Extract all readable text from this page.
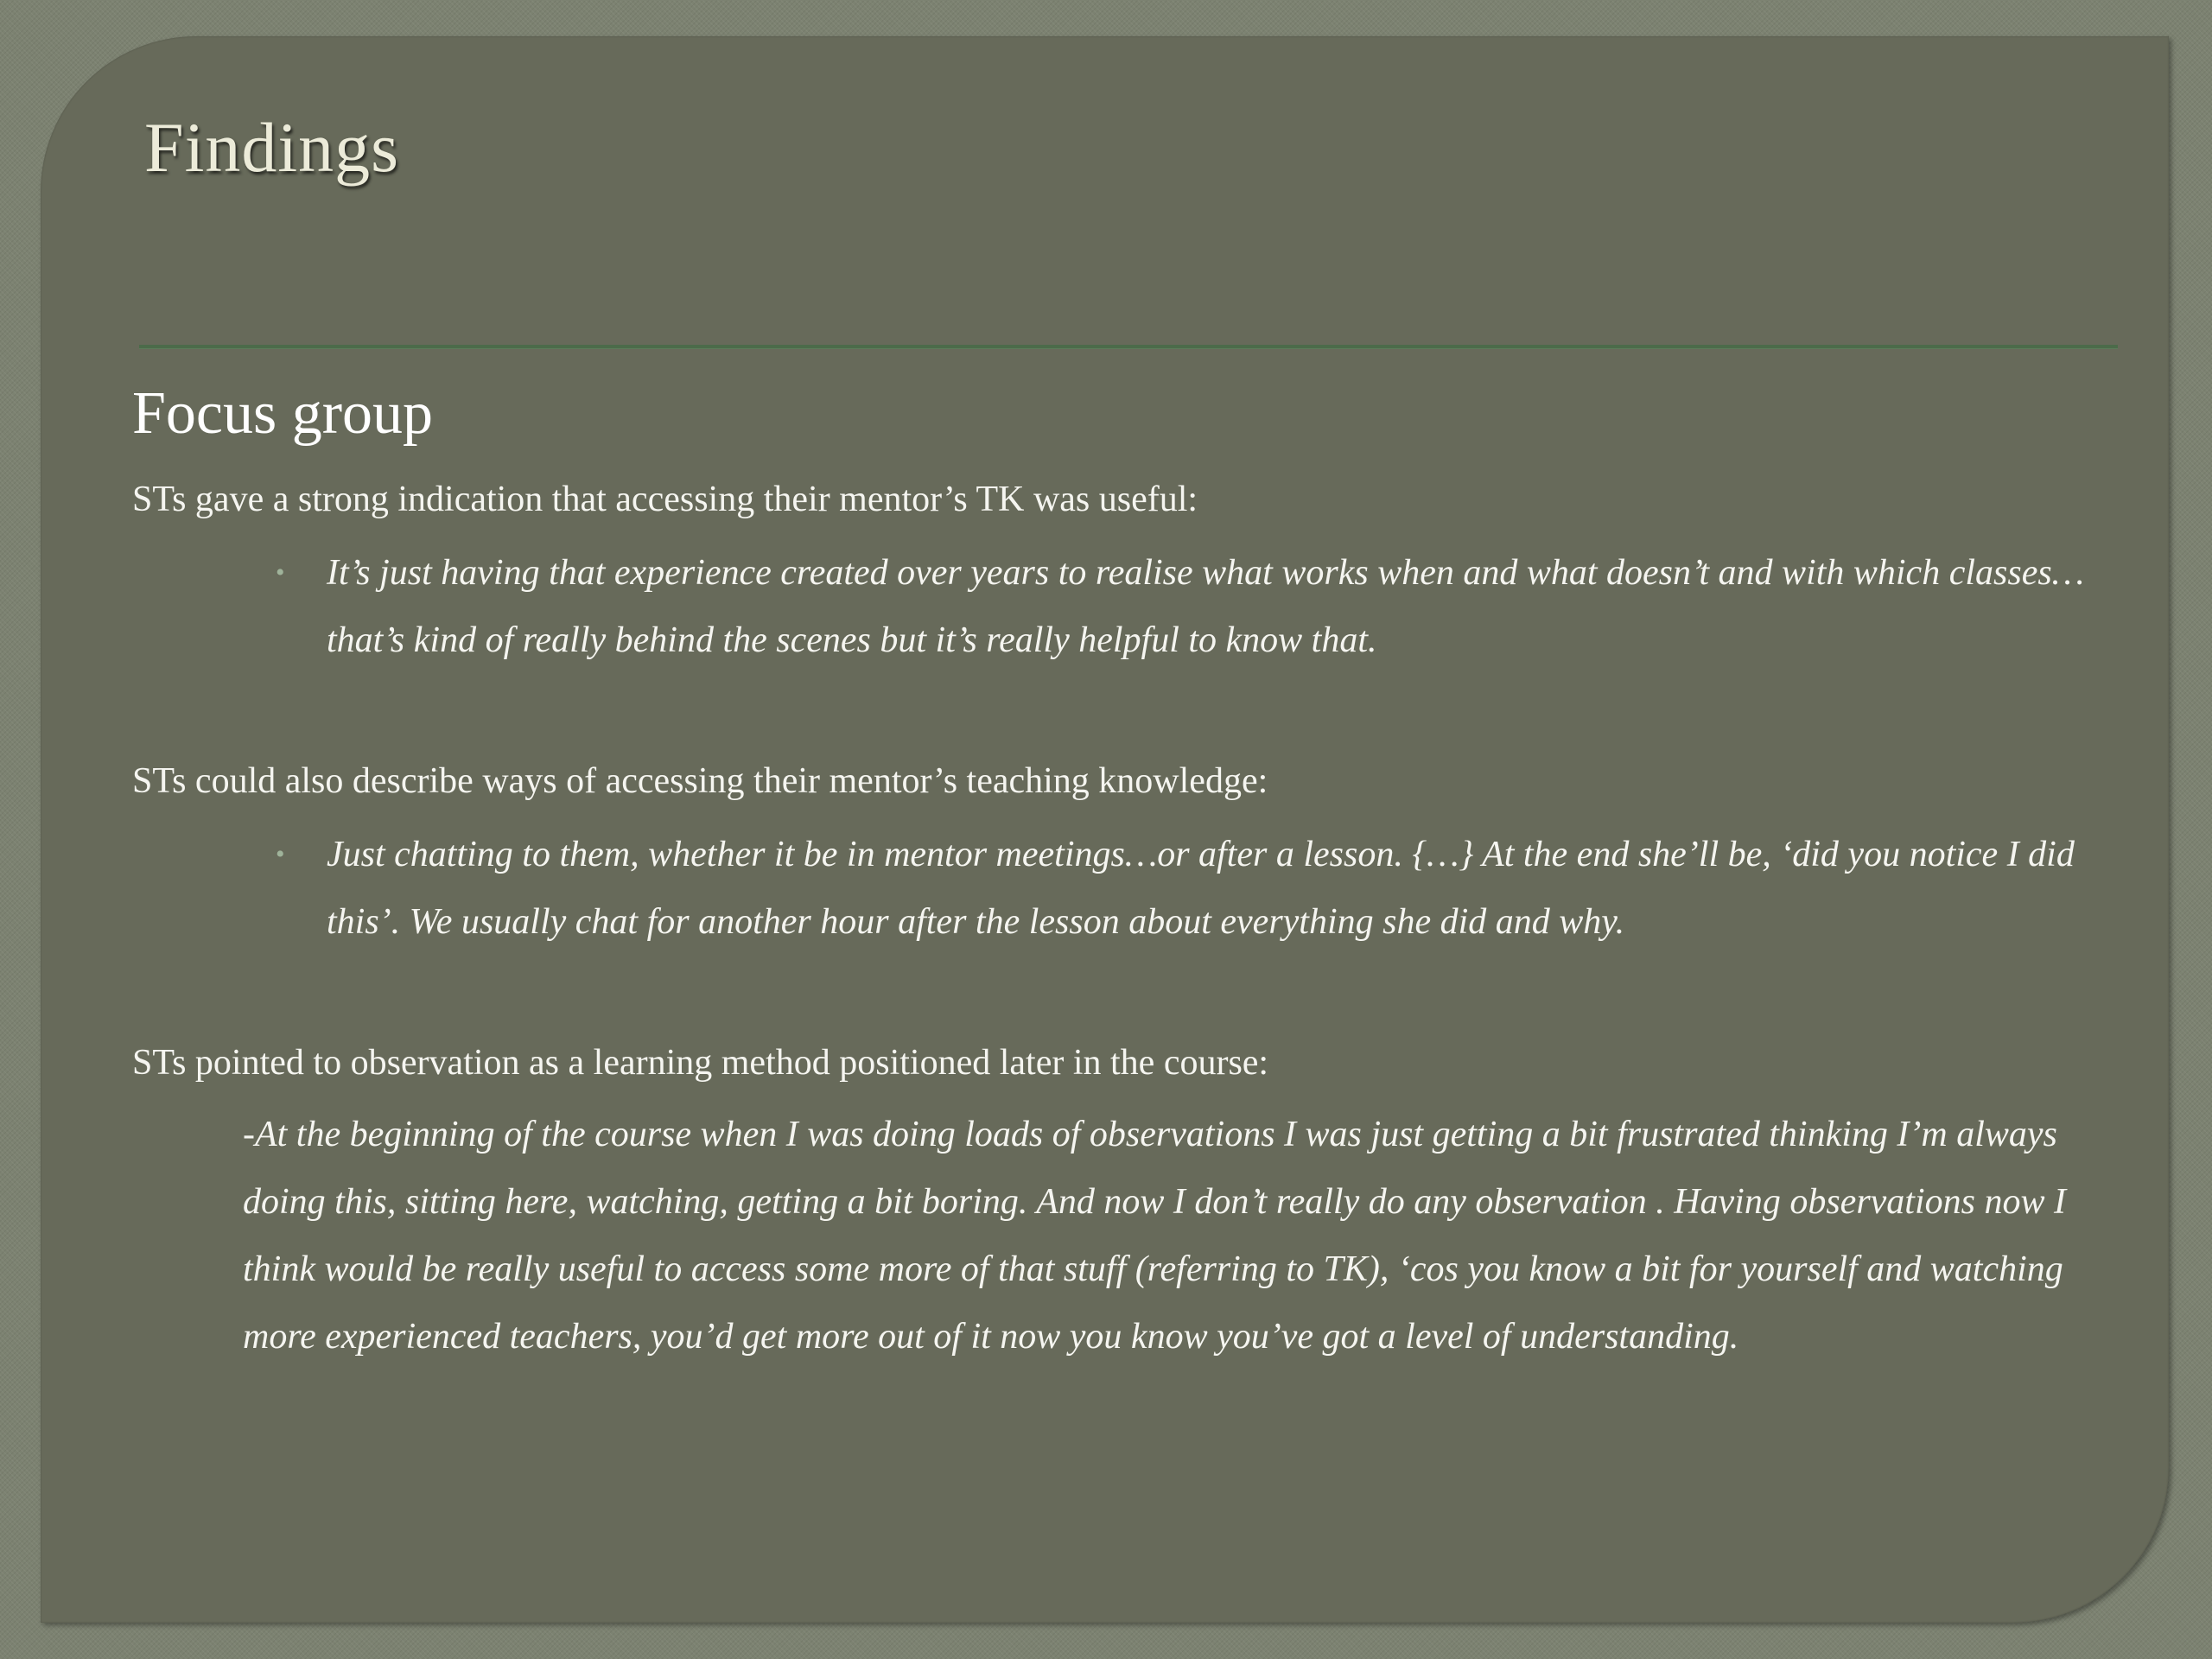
Findings
Focus group

STs gave a strong indication that accessing their mentor’s TK was useful:

• It’s just having that experience created over years to realise what works when and what doesn’t and with which classes…that’s kind of really behind the scenes but it’s really helpful to know that.

STs could also describe ways of accessing their mentor’s teaching knowledge:

• Just chatting to them, whether it be in mentor meetings…or after a lesson. {…} At the end she’ll be, ‘did you notice I did this’. We usually chat for another hour after the lesson about everything she did and why.

STs pointed to observation as a learning method positioned later in the course:

-At the beginning of the course when I was doing loads of observations I was just getting a bit frustrated thinking I’m always doing this, sitting here, watching, getting a bit boring. And now I don’t really do any observation . Having observations now I think would be really useful to access some more of that stuff (referring to TK), ‘cos you know a bit for yourself and watching more experienced teachers, you’d get more out of it now you know you’ve got a level of understanding.
